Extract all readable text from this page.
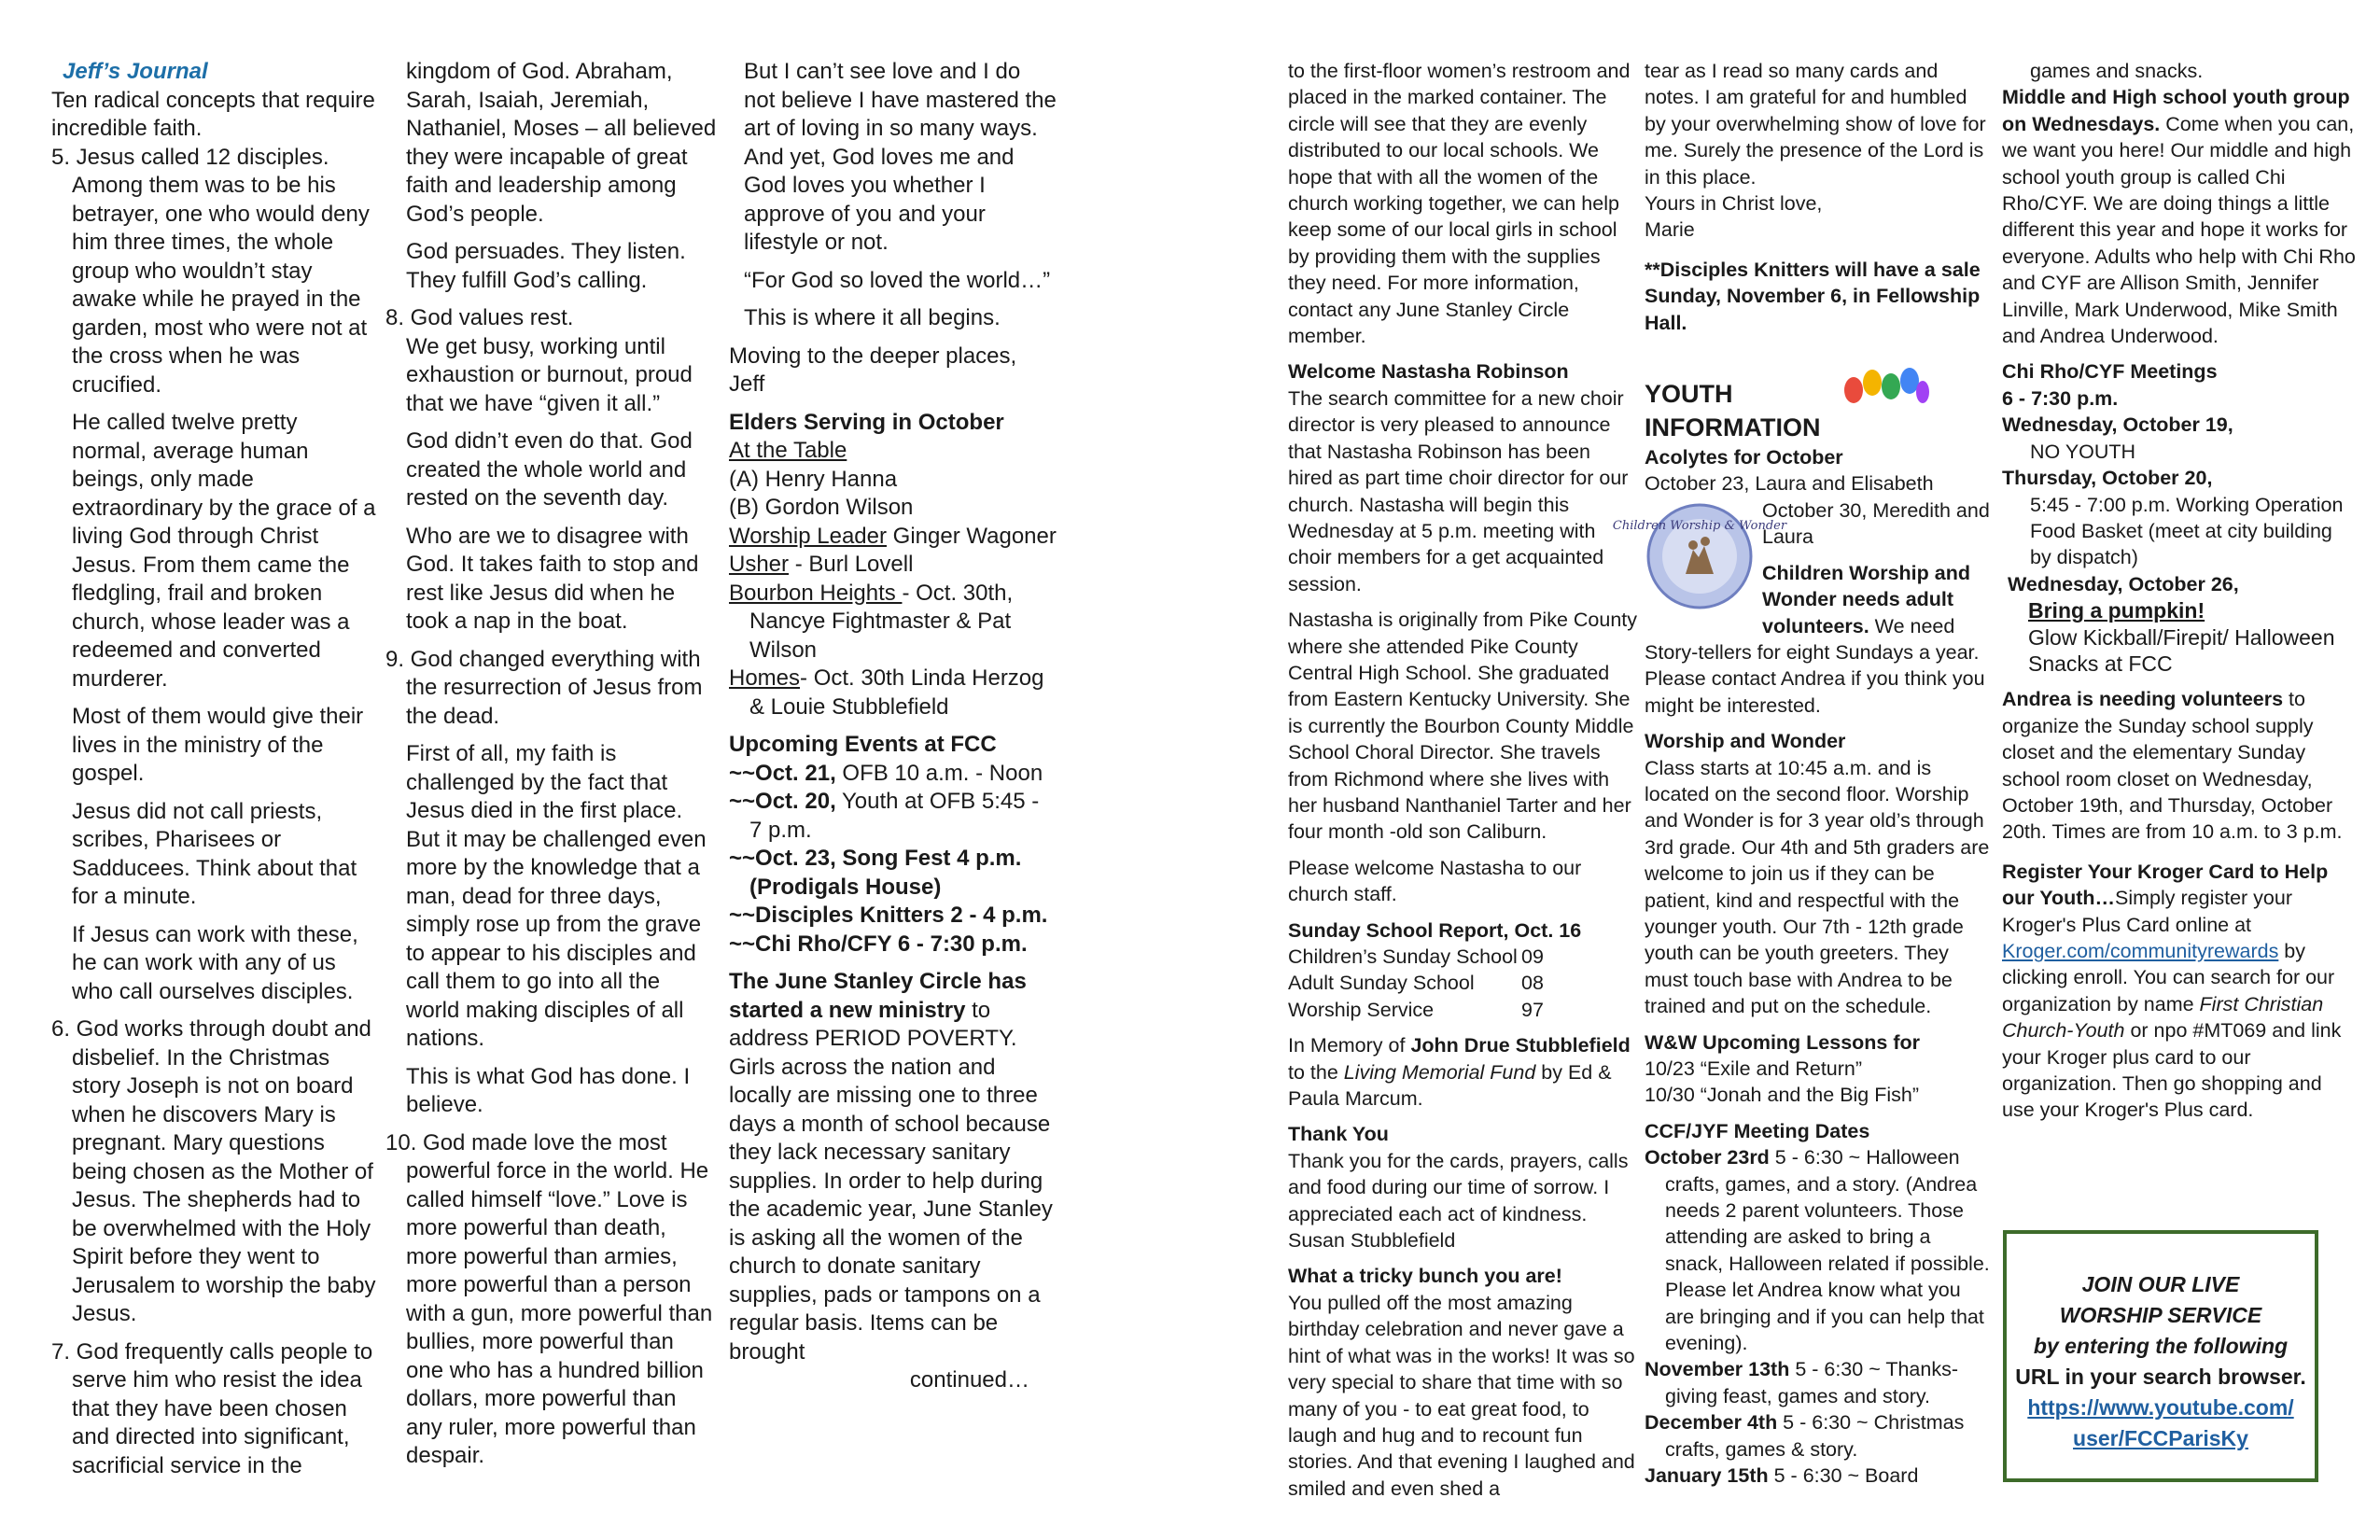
Jeff’s Journal

Ten radical concepts that require incredible faith.

5. Jesus called 12 disciples.

Among them was to be his betrayer, one who would deny him three times, the whole group who wouldn’t stay awake while he prayed in the garden, most who were not at the cross when he was crucified.

He called twelve pretty normal, average human beings, only made extraordinary by the grace of a living God through Christ Jesus. From them came the fledgling, frail and broken church, whose leader was a redeemed and converted murderer.

Most of them would give their lives in the ministry of the gospel.

Jesus did not call priests, scribes, Pharisees or Sadducees. Think about that for a minute.

If Jesus can work with these, he can work with any of us who call ourselves disciples.

6. God works through doubt and disbelief. In the Christmas story Joseph is not on board when he discovers Mary is pregnant. Mary questions being chosen as the Mother of Jesus. The shepherds had to be overwhelmed with the Holy Spirit before they went to Jerusalem to worship the baby Jesus.

7. God frequently calls people to serve him who resist the idea that they have been chosen and directed into significant, sacrificial service in the

kingdom of God. Abraham, Sarah, Isaiah, Jeremiah, Nathaniel, Moses – all believed they were incapable of great faith and leadership among God’s people.

God persuades. They listen. They fulfill God’s calling.

8. God values rest.

We get busy, working until exhaustion or burnout, proud that we have “given it all.”

God didn’t even do that. God created the whole world and rested on the seventh day.

Who are we to disagree with God. It takes faith to stop and rest like Jesus did when he took a nap in the boat.

9. God changed everything with the resurrection of Jesus from the dead.

First of all, my faith is challenged by the fact that Jesus died in the first place. But it may be challenged even more by the knowledge that a man, dead for three days, simply rose up from the grave to appear to his disciples and call them to go into all the world making disciples of all nations.

This is what God has done. I believe.

10. God made love the most powerful force in the world. He called himself “love.” Love is more powerful than death, more powerful than armies, more powerful than a person with a gun, more powerful than bullies, more powerful than one who has a hundred billion dollars, more powerful than any ruler, more powerful than despair.

But I can’t see love and I do not believe I have mastered the art of loving in so many ways. And yet, God loves me and God loves you whether I approve of you and your lifestyle or not.

“For God so loved the world…”

This is where it all begins.

Moving to the deeper places,

Jeff

Elders Serving in October

At the Table

(A) Henry Hanna

(B) Gordon Wilson

Worship Leader Ginger Wagoner

Usher - Burl Lovell

Bourbon Heights - Oct. 30th, Nancye Fightmaster & Pat Wilson

Homes- Oct. 30th Linda Herzog & Louie Stubblefield

Upcoming Events at FCC

~~Oct. 21, OFB 10 a.m. - Noon

~~Oct. 20, Youth at OFB 5:45 - 7 p.m.

~~Oct. 23, Song Fest 4 p.m. (Prodigals House)

~~Disciples Knitters 2 - 4 p.m.

~~Chi Rho/CFY 6 - 7:30 p.m.

The June Stanley Circle has started a new ministry to address PERIOD POVERTY. Girls across the nation and locally are missing one to three days a month of school because they lack necessary sanitary supplies. In order to help during the academic year, June Stanley is asking all the women of the church to donate sanitary supplies, pads or tampons on a regular basis. Items can be brought

continued…

to the first-floor women’s restroom and placed in the marked container. The circle will see that they are evenly distributed to our local schools. We hope that with all the women of the church working together, we can help keep some of our local girls in school by providing them with the supplies they need. For more information, contact any June Stanley Circle member.

Welcome Nastasha Robinson

The search committee for a new choir director is very pleased to announce that Nastasha Robinson has been hired as part time choir director for our church. Nastasha will begin this Wednesday at 5 p.m. meeting with choir members for a get acquainted session.

Nastasha is originally from Pike County where she attended Pike County Central High School. She graduated from Eastern Kentucky University. She is currently the Bourbon County Middle School Choral Director. She travels from Richmond where she lives with her husband Nanthaniel Tarter and her four month -old son Caliburn.

Please welcome Nastasha to our church staff.

Sunday School Report, Oct. 16

Children’s Sunday School 09
Adult Sunday School	08
Worship Service	97

In Memory of John Drue Stubblefield to the Living Memorial Fund by Ed & Paula Marcum.

Thank You

Thank you for the cards, prayers, calls and food during our time of sorrow. I appreciated each act of kindness.

Susan Stubblefield

What a tricky bunch you are!

You pulled off the most amazing birthday celebration and never gave a hint of what was in the works! It was so very special to share that time with so many of you - to eat great food, to laugh and hug and to recount fun stories. And that evening I laughed and smiled and even shed a

tear as I read so many cards and notes. I am grateful for and humbled by your overwhelming show of love for me. Surely the presence of the Lord is in this place.

Yours in Christ love,

Marie

**Disciples Knitters will have a sale Sunday, November 6, in Fellowship Hall.

YOUTH INFORMATION

Acolytes for October

October 23, Laura and Elisabeth

Children Worship & Wonder

October 30, Meredith and Laura

Children Worship and Wonder needs adult volunteers. We need Story-tellers for eight Sundays a year. Please contact Andrea if you think you might be interested.

Worship and Wonder

Class starts at 10:45 a.m. and is located on the second floor. Worship and Wonder is for 3 year old’s through 3rd grade. Our 4th and 5th graders are welcome to join us if they can be patient, kind and respectful with the younger youth. Our 7th - 12th grade youth can be youth greeters. They must touch base with Andrea to be trained and put on the schedule.

W&W Upcoming Lessons for

10/23 “Exile and Return”

10/30 “Jonah and the Big Fish”

CCF/JYF Meeting Dates

October 23rd 5 - 6:30 ~ Halloween crafts, games, and a story. (Andrea needs 2 parent volunteers. Those attending are asked to bring a snack, Halloween related if possible. Please let Andrea know what you are bringing and if you can help that evening).

November 13th 5 - 6:30 ~ Thanks-giving feast, games and story.

December 4th 5 - 6:30 ~ Christmas crafts, games & story.

January 15th 5 - 6:30 ~ Board

games and snacks.

Middle and High school youth group on Wednesdays. Come when you can, we want you here! Our middle and high school youth group is called Chi Rho/CYF. We are doing things a little

different this year and hope it works for everyone. Adults who help with Chi Rho and CYF are Allison Smith, Jennifer Linville, Mark Underwood, Mike Smith and Andrea Underwood.

Chi Rho/CYF Meetings

6 - 7:30 p.m.

Wednesday, October 19,

NO YOUTH

Thursday, October 20,

5:45 - 7:00 p.m. Working Operation Food Basket (meet at city building by dispatch)

Wednesday, October 26,

Bring a pumpkin!

Glow Kickball/Firepit/ Halloween Snacks at FCC

Andrea is needing volunteers to organize the Sunday school supply closet and the elementary Sunday school room closet on Wednesday, October 19th, and Thursday, October 20th. Times are from 10 a.m. to 3 p.m.

Register Your Kroger Card to Help our Youth…Simply register your Kroger's Plus Card online at Kroger.com/communityrewards by clicking enroll. You can search for our organization by name First Christian Church-Youth or npo #MT069 and link your Kroger plus card to our organization. Then go shopping and use your Kroger's Plus card.

JOIN OUR LIVE
WORSHIP SERVICE
by entering the following
URL in your search browser.
https://www.youtube.com/ user/FCCParisKy
